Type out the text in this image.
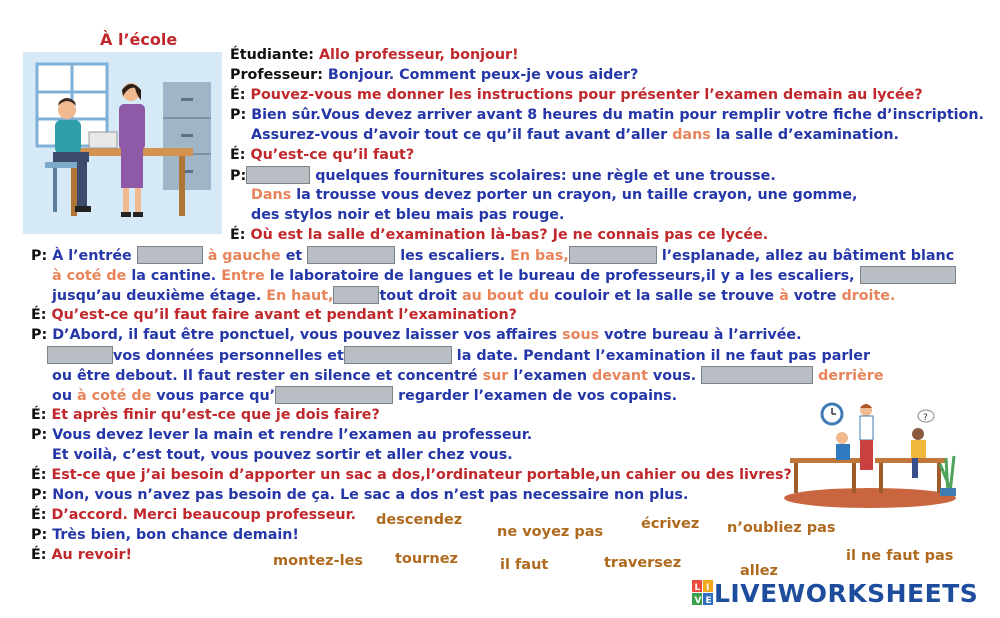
À l’école
?
Étudiante: Allo professeur, bonjour!
Professeur: Bonjour. Comment peux-je vous aider?
É: Pouvez-vous me donner les instructions pour présenter l’examen demain au lycée?
P: Bien sûr.Vous devez arriver avant 8 heures du matin pour remplir votre fiche d’inscription.
Assurez-vous d’avoir tout ce qu’il faut avant d’aller dans la salle d’examination.
É: Qu’est-ce qu’il faut?
P:	quelques fournitures scolaires: une règle et une trousse.
Dans la trousse vous devez porter un crayon, un taille crayon, une gomme,
des stylos noir et bleu mais pas rouge.
É: Où est la salle d’examination là-bas? Je ne connais pas ce lycée.
P: À l’entrée	à gauche et	les escaliers. En bas,	l’esplanade, allez au bâtiment blanc
à coté de la cantine. Entre le laboratoire de langues et le bureau de professeurs,il y a les escaliers,
jusqu’au deuxième étage. En haut,	tout droit au bout du couloir et la salle se trouve à votre droite.
É: Qu’est-ce qu’il faut faire avant et pendant l’examination?
P: D’Abord, il faut être ponctuel, vous pouvez laisser vos affaires sous votre bureau à l’arrivée.
vos données personnelles et	la date. Pendant l’examination il ne faut pas parler
ou être debout. Il faut rester en silence et concentré sur l’examen devant vous.	derrière
ou à coté de vous parce qu’	regarder l’examen de vos copains.
É: Et après finir qu’est-ce que je dois faire?
P: Vous devez lever la main et rendre l’examen au professeur.
Et voilà, c’est tout, vous pouvez sortir et aller chez vous.
É: Est-ce que j’ai besoin d’apporter un sac a dos,l’ordinateur portable,un cahier ou des livres?
P: Non, vous n’avez pas besoin de ça. Le sac a dos n’est pas necessaire non plus.
É: D’accord. Merci beaucoup professeur.
P: Très bien, bon chance demain!
É: Au revoir!
descendez
ne voyez pas	écrivez n’oubliez pas
montez-les tournez	il faut	traversez	allez
il ne faut pas
L I
V E LIVEWORKSHEETS
